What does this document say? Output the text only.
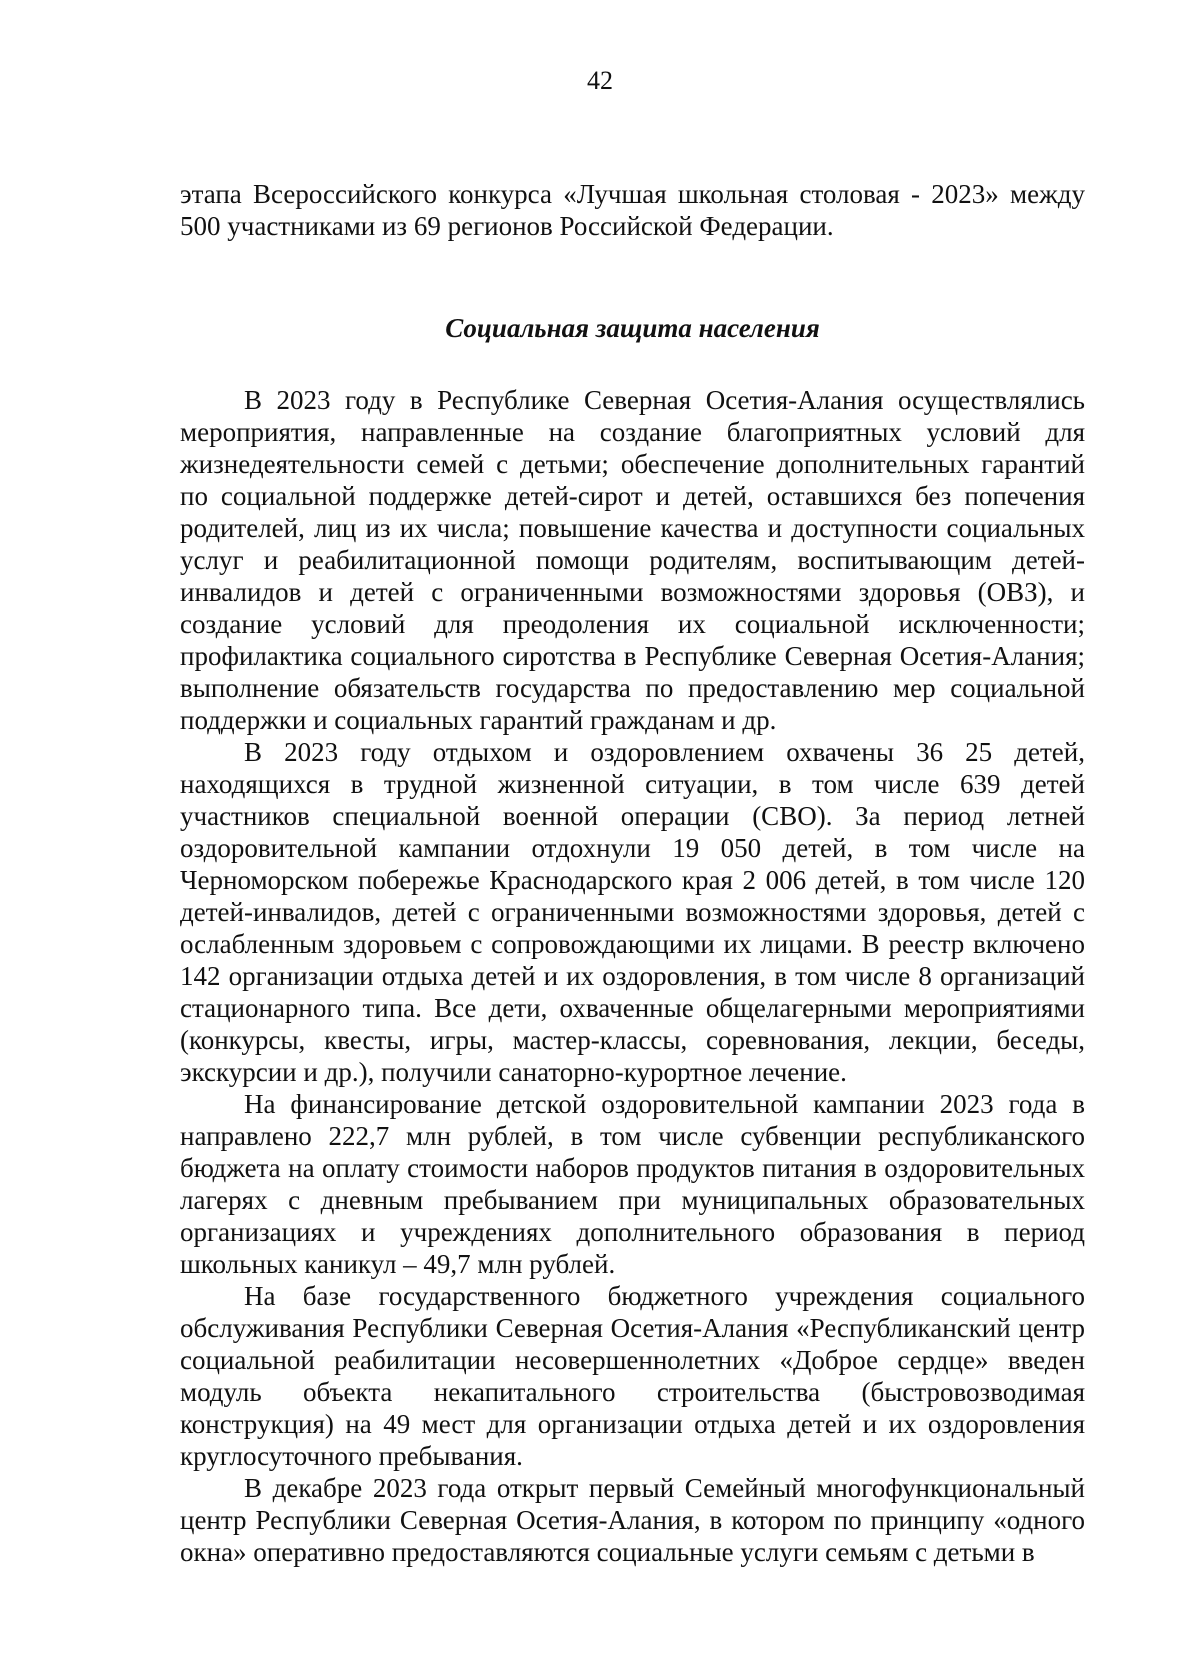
42

этапа Всероссийского конкурса «Лучшая школьная столовая - 2023» между 500 участниками из 69 регионов Российской Федерации.

Социальная защита населения

В 2023 году в Республике Северная Осетия-Алания осуществлялись мероприятия, направленные на создание благоприятных условий для жизнедеятельности семей с детьми; обеспечение дополнительных гарантий по социальной поддержке детей-сирот и детей, оставшихся без попечения родителей, лиц из их числа; повышение качества и доступности социальных услуг и реабилитационной помощи родителям, воспитывающим детей-инвалидов и детей с ограниченными возможностями здоровья (ОВЗ), и создание условий для преодоления их социальной исключенности; профилактика социального сиротства в Республике Северная Осетия-Алания; выполнение обязательств государства по предоставлению мер социальной поддержки и социальных гарантий гражданам и др.

В 2023 году отдыхом и оздоровлением охвачены 36 25 детей, находящихся в трудной жизненной ситуации, в том числе 639 детей участников специальной военной операции (СВО). За период летней оздоровительной кампании отдохнули 19 050 детей, в том числе на Черноморском побережье Краснодарского края 2 006 детей, в том числе 120 детей-инвалидов, детей с ограниченными возможностями здоровья, детей с ослабленным здоровьем с сопровождающими их лицами. В реестр включено 142 организации отдыха детей и их оздоровления, в том числе 8 организаций стационарного типа. Все дети, охваченные общелагерными мероприятиями (конкурсы, квесты, игры, мастер-классы, соревнования, лекции, беседы, экскурсии и др.), получили санаторно-курортное лечение.

На финансирование детской оздоровительной кампании 2023 года в направлено 222,7 млн рублей, в том числе субвенции республиканского бюджета на оплату стоимости наборов продуктов питания в оздоровительных лагерях с дневным пребыванием при муниципальных образовательных организациях и учреждениях дополнительного образования в период школьных каникул – 49,7 млн рублей.

На базе государственного бюджетного учреждения социального обслуживания Республики Северная Осетия-Алания «Республиканский центр социальной реабилитации несовершеннолетних «Доброе сердце» введен модуль объекта некапитального строительства (быстровозводимая конструкция) на 49 мест для организации отдыха детей и их оздоровления круглосуточного пребывания.

В декабре 2023 года открыт первый Семейный многофункциональный центр Республики Северная Осетия-Алания, в котором по принципу «одного окна» оперативно предоставляются социальные услуги семьям с детьми в
